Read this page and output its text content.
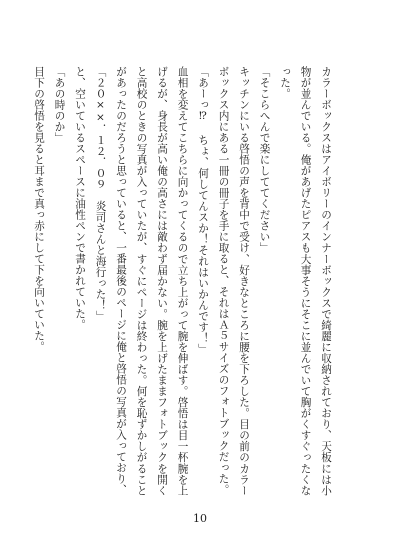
カラーボックスはアイボリーのインナーボックスで綺麗に収納されており、天板には小物が並んでいる。俺があげたピアスも大事そうにそこに並んでいて胸がくすぐったくなった。

「そこらへんで楽にしててください」

キッチンにいる啓悟の声を背中で受け、好きなところに腰を下ろした。目の前のカラーボックス内にある一冊の冊子を手に取ると、それはＡ５サイズのフォトブックだった。

「あーっ⁉ ちょ、何してんスか！それはいかんです！」

血相を変えてこちらに向かってくるので立ち上がって腕を伸ばす。啓悟は目一杯腕を上げるが、身長が高い俺の高さには敵わず届かない。腕を上げたままフォトブックを開くと高校のときの写真が入っていたが、すぐにページは終わった。何を恥ずかしがることがあったのだろうと思っていると、一番最後のページに俺と啓悟の写真が入っており、

「２０××．１２．０９　炎司さんと海行った！」

と、空いているスペースに油性ペンで書かれていた。

「あの時のか」

目下の啓悟を見ると耳まで真っ赤にして下を向いていた。

10
